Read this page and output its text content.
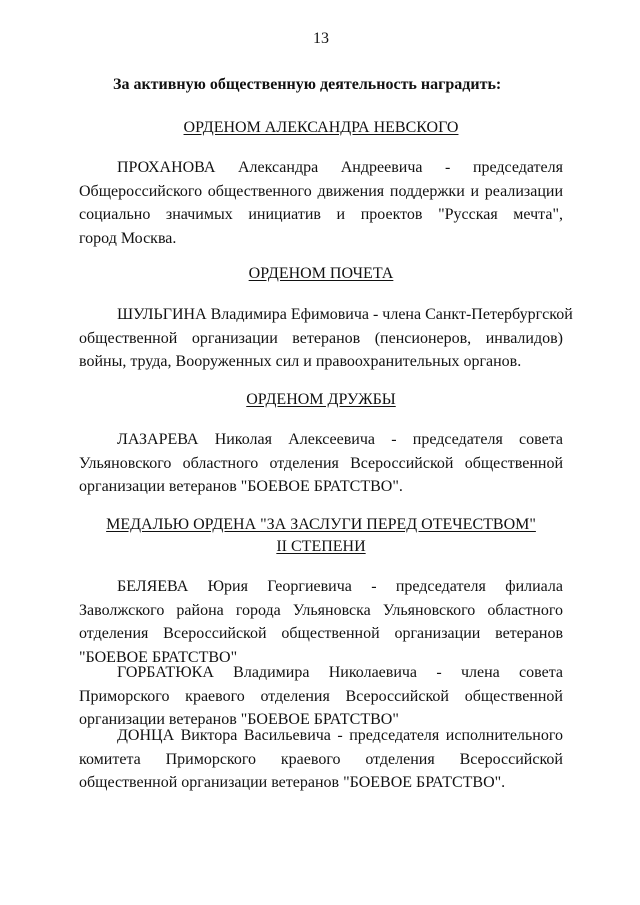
13
За активную общественную деятельность наградить:
ОРДЕНОМ АЛЕКСАНДРА НЕВСКОГО
ПРОХАНОВА Александра Андреевича - председателя
Общероссийского общественного движения поддержки и реализации
социально значимых инициатив и проектов "Русская мечта",
город Москва.
ОРДЕНОМ ПОЧЕТА
ШУЛЬГИНА Владимира Ефимовича - члена Санкт-Петербургской
общественной организации ветеранов (пенсионеров, инвалидов)
войны, труда, Вооруженных сил и правоохранительных органов.
ОРДЕНОМ ДРУЖБЫ
ЛАЗАРЕВА Николая Алексеевича - председателя совета
Ульяновского областного отделения Всероссийской общественной
организации ветеранов "БОЕВОЕ БРАТСТВО".
МЕДАЛЬЮ ОРДЕНА "ЗА ЗАСЛУГИ ПЕРЕД ОТЕЧЕСТВОМ"
II СТЕПЕНИ
БЕЛЯЕВА Юрия Георгиевича - председателя филиала
Заволжского района города Ульяновска Ульяновского областного
отделения Всероссийской общественной организации ветеранов
"БОЕВОЕ БРАТСТВО"
ГОРБАТЮКА Владимира Николаевича - члена совета
Приморского краевого отделения Всероссийской общественной
организации ветеранов "БОЕВОЕ БРАТСТВО"
ДОНЦА Виктора Васильевича - председателя исполнительного
комитета Приморского краевого отделения Всероссийской
общественной организации ветеранов "БОЕВОЕ БРАТСТВО".
